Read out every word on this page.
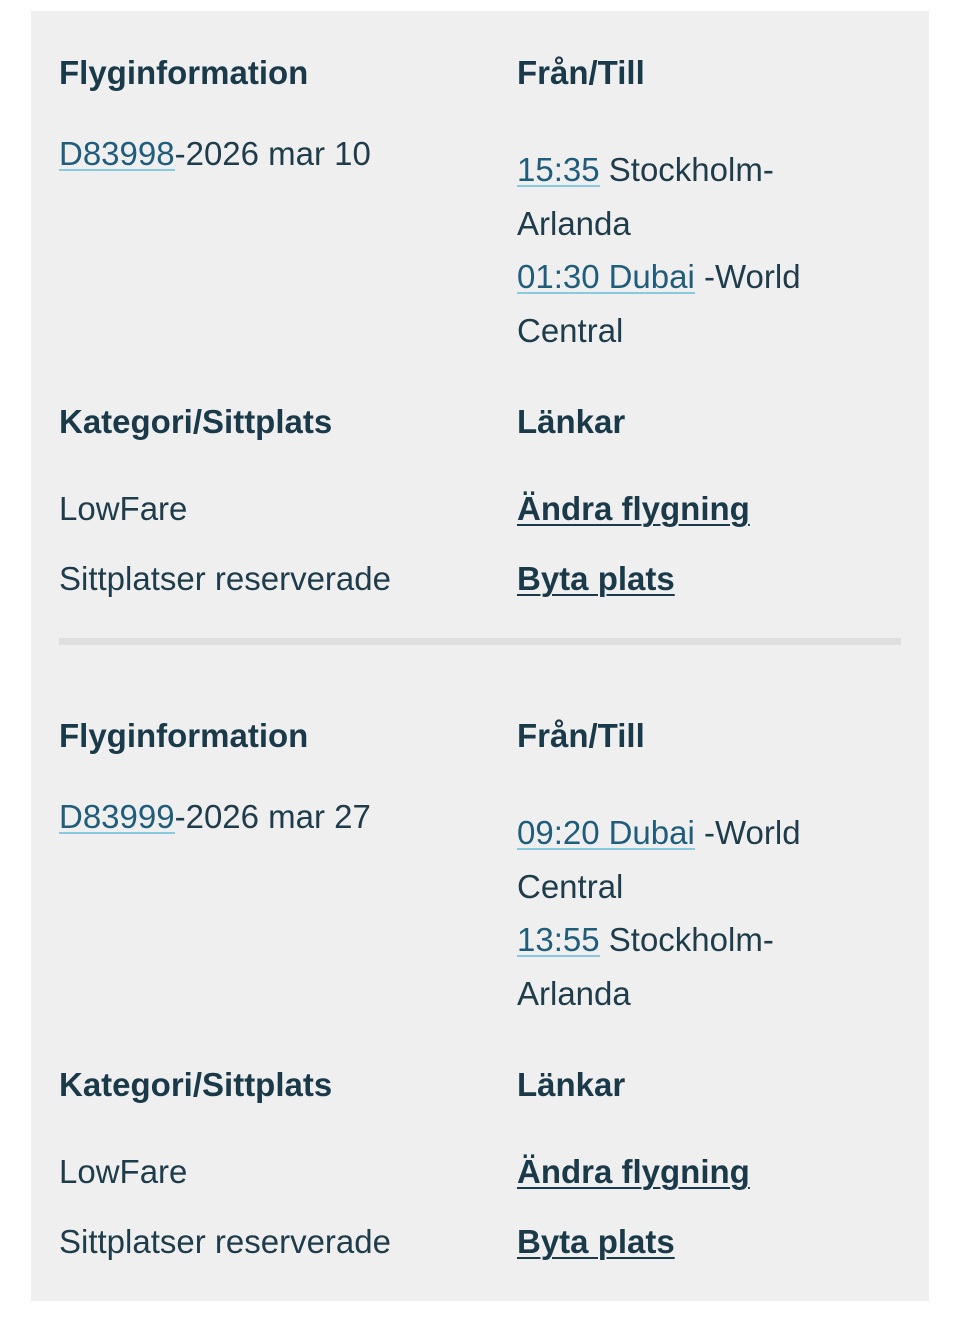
Flyginformation
D83998-2026 mar 10
Kategori/Sittplats
LowFare
Sittplatser reserverade
Från/Till
15:35 Stockholm-
Arlanda
01:30 Dubai -World
Central
Länkar
Ändra flygning
Byta plats
Flyginformation
D83999-2026 mar 27
Kategori/Sittplats
LowFare
Sittplatser reserverade
Från/Till
09:20 Dubai -World
Central
13:55 Stockholm-
Arlanda
Länkar
Ändra flygning
Byta plats
